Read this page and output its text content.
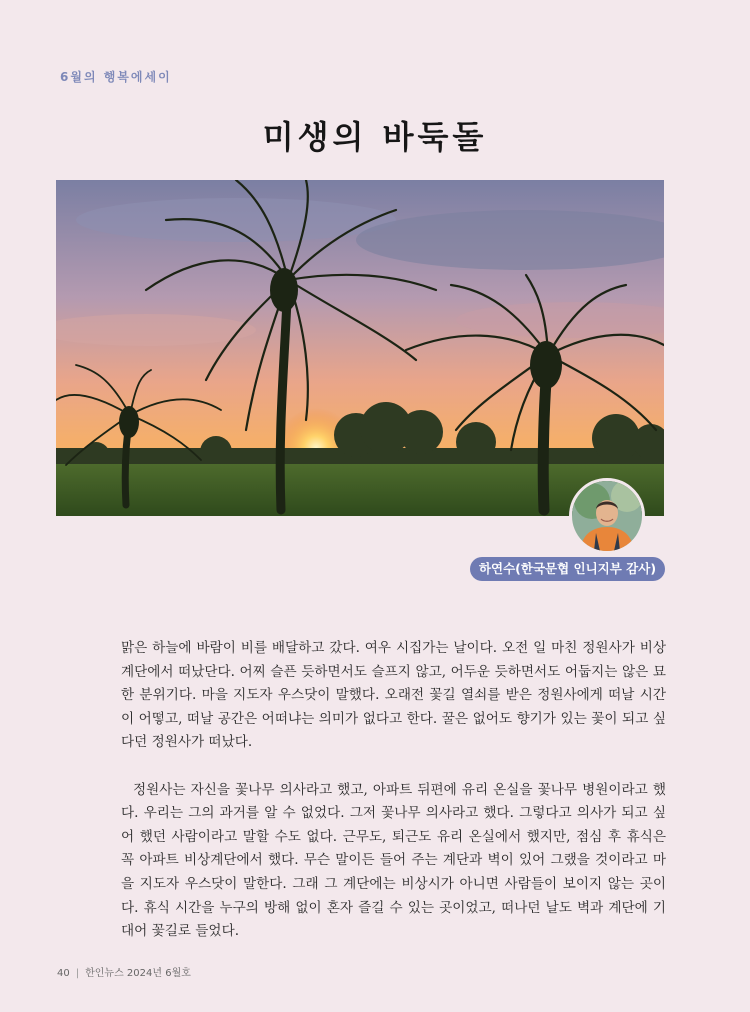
6월의 행복에세이
미생의 바둑돌
하연수(한국문협 인니지부 감사)

맑은 하늘에 바람이 비를 배달하고 갔다. 여우 시집가는 날이다. 오전 일 마친 정원사가 비상계단에서 떠났단다. 어찌 슬픈 듯하면서도 슬프지 않고, 어두운 듯하면서도 어둡지는 않은 묘한 분위기다. 마을 지도자 우스닷이 말했다. 오래전 꽃길 열쇠를 받은 정원사에게 떠날 시간이 어떻고, 떠날 공간은 어떠냐는 의미가 없다고 한다. 꿀은 없어도 향기가 있는 꽃이 되고 싶다던 정원사가 떠났다.

정원사는 자신을 꽃나무 의사라고 했고, 아파트 뒤편에 유리 온실을 꽃나무 병원이라고 했다. 우리는 그의 과거를 알 수 없었다. 그저 꽃나무 의사라고 했다. 그렇다고 의사가 되고 싶어 했던 사람이라고 말할 수도 없다. 근무도, 퇴근도 유리 온실에서 했지만, 점심 후 휴식은 꼭 아파트 비상계단에서 했다. 무슨 말이든 들어 주는 계단과 벽이 있어 그랬을 것이라고 마을 지도자 우스닷이 말한다. 그래 그 계단에는 비상시가 아니면 사람들이 보이지 않는 곳이다. 휴식 시간을 누구의 방해 없이 혼자 즐길 수 있는 곳이었고, 떠나던 날도 벽과 계단에 기대어 꽃길로 들었다.

40 | 한인뉴스 2024년 6월호
